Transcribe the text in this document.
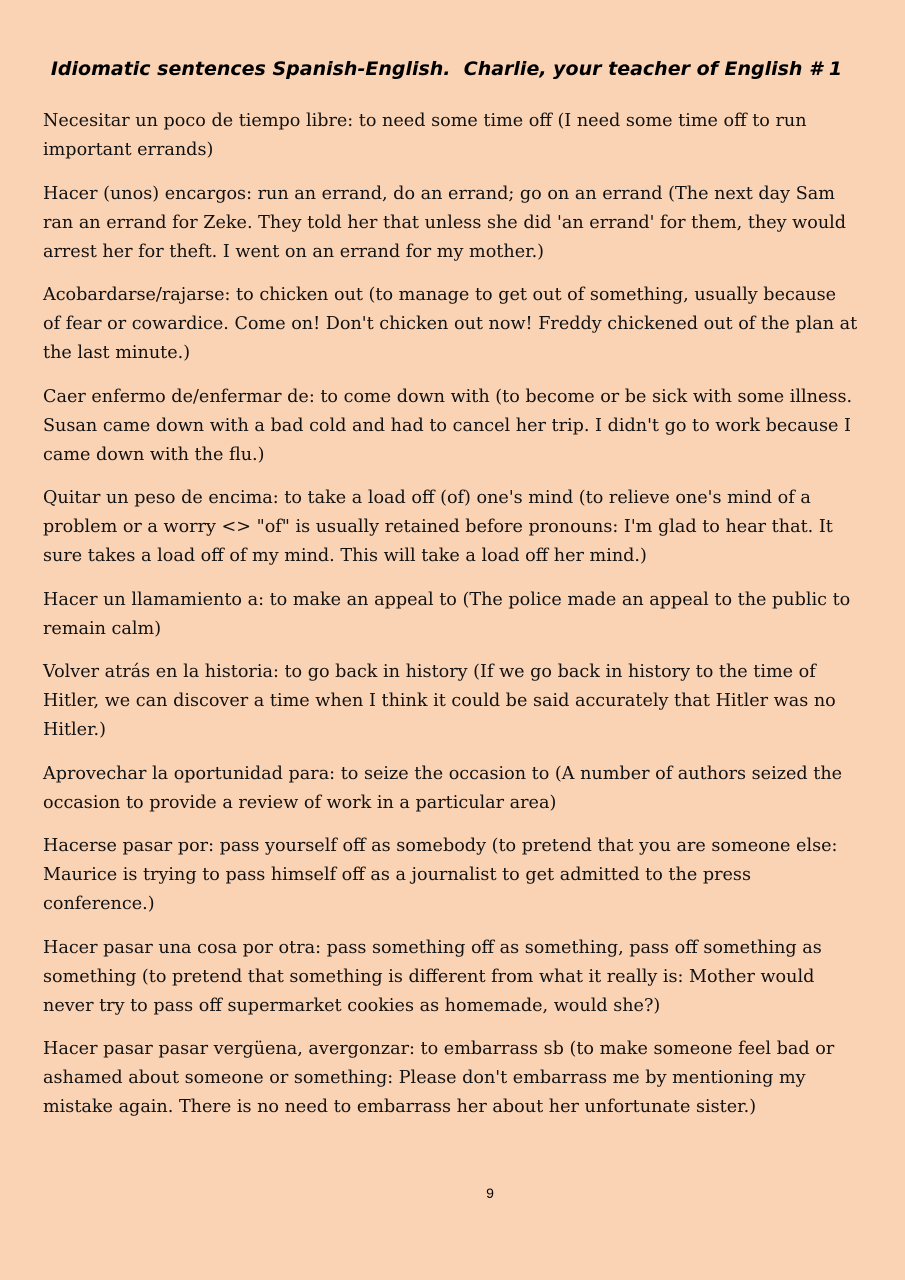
Idiomatic sentences Spanish-English.  Charlie, your teacher of English # 1

Necesitar un poco de tiempo libre: to need some time off (I need some time off to run important errands)

Hacer (unos) encargos: run an errand, do an errand; go on an errand (The next day Sam ran an errand for Zeke. They told her that unless she did 'an errand' for them, they would arrest her for theft. I went on an errand for my mother.)

Acobardarse/rajarse: to chicken out (to manage to get out of something, usually because of fear or cowardice. Come on! Don't chicken out now! Freddy chickened out of the plan at the last minute.)

Caer enfermo de/enfermar de: to come down with (to become or be sick with some illness. Susan came down with a bad cold and had to cancel her trip. I didn't go to work because I came down with the flu.)

Quitar un peso de encima: to take a load off (of) one's mind (to relieve one's mind of a problem or a worry <> "of" is usually retained before pronouns: I'm glad to hear that. It sure takes a load off of my mind. This will take a load off her mind.)

Hacer un llamamiento a: to make an appeal to (The police made an appeal to the public to remain calm)

Volver atrás en la historia: to go back in history (If we go back in history to the time of Hitler, we can discover a time when I think it could be said accurately that Hitler was no Hitler.)

Aprovechar la oportunidad para: to seize the occasion to (A number of authors seized the occasion to provide a review of work in a particular area)

Hacerse pasar por: pass yourself off as somebody (to pretend that you are someone else: Maurice is trying to pass himself off as a journalist to get admitted to the press conference.)

Hacer pasar una cosa por otra: pass something off as something, pass off something as something (to pretend that something is different from what it really is: Mother would never try to pass off supermarket cookies as homemade, would she?)

Hacer pasar pasar vergüena, avergonzar: to embarrass sb (to make someone feel bad or ashamed about someone or something: Please don't embarrass me by mentioning my mistake again. There is no need to embarrass her about her unfortunate sister.)

9
